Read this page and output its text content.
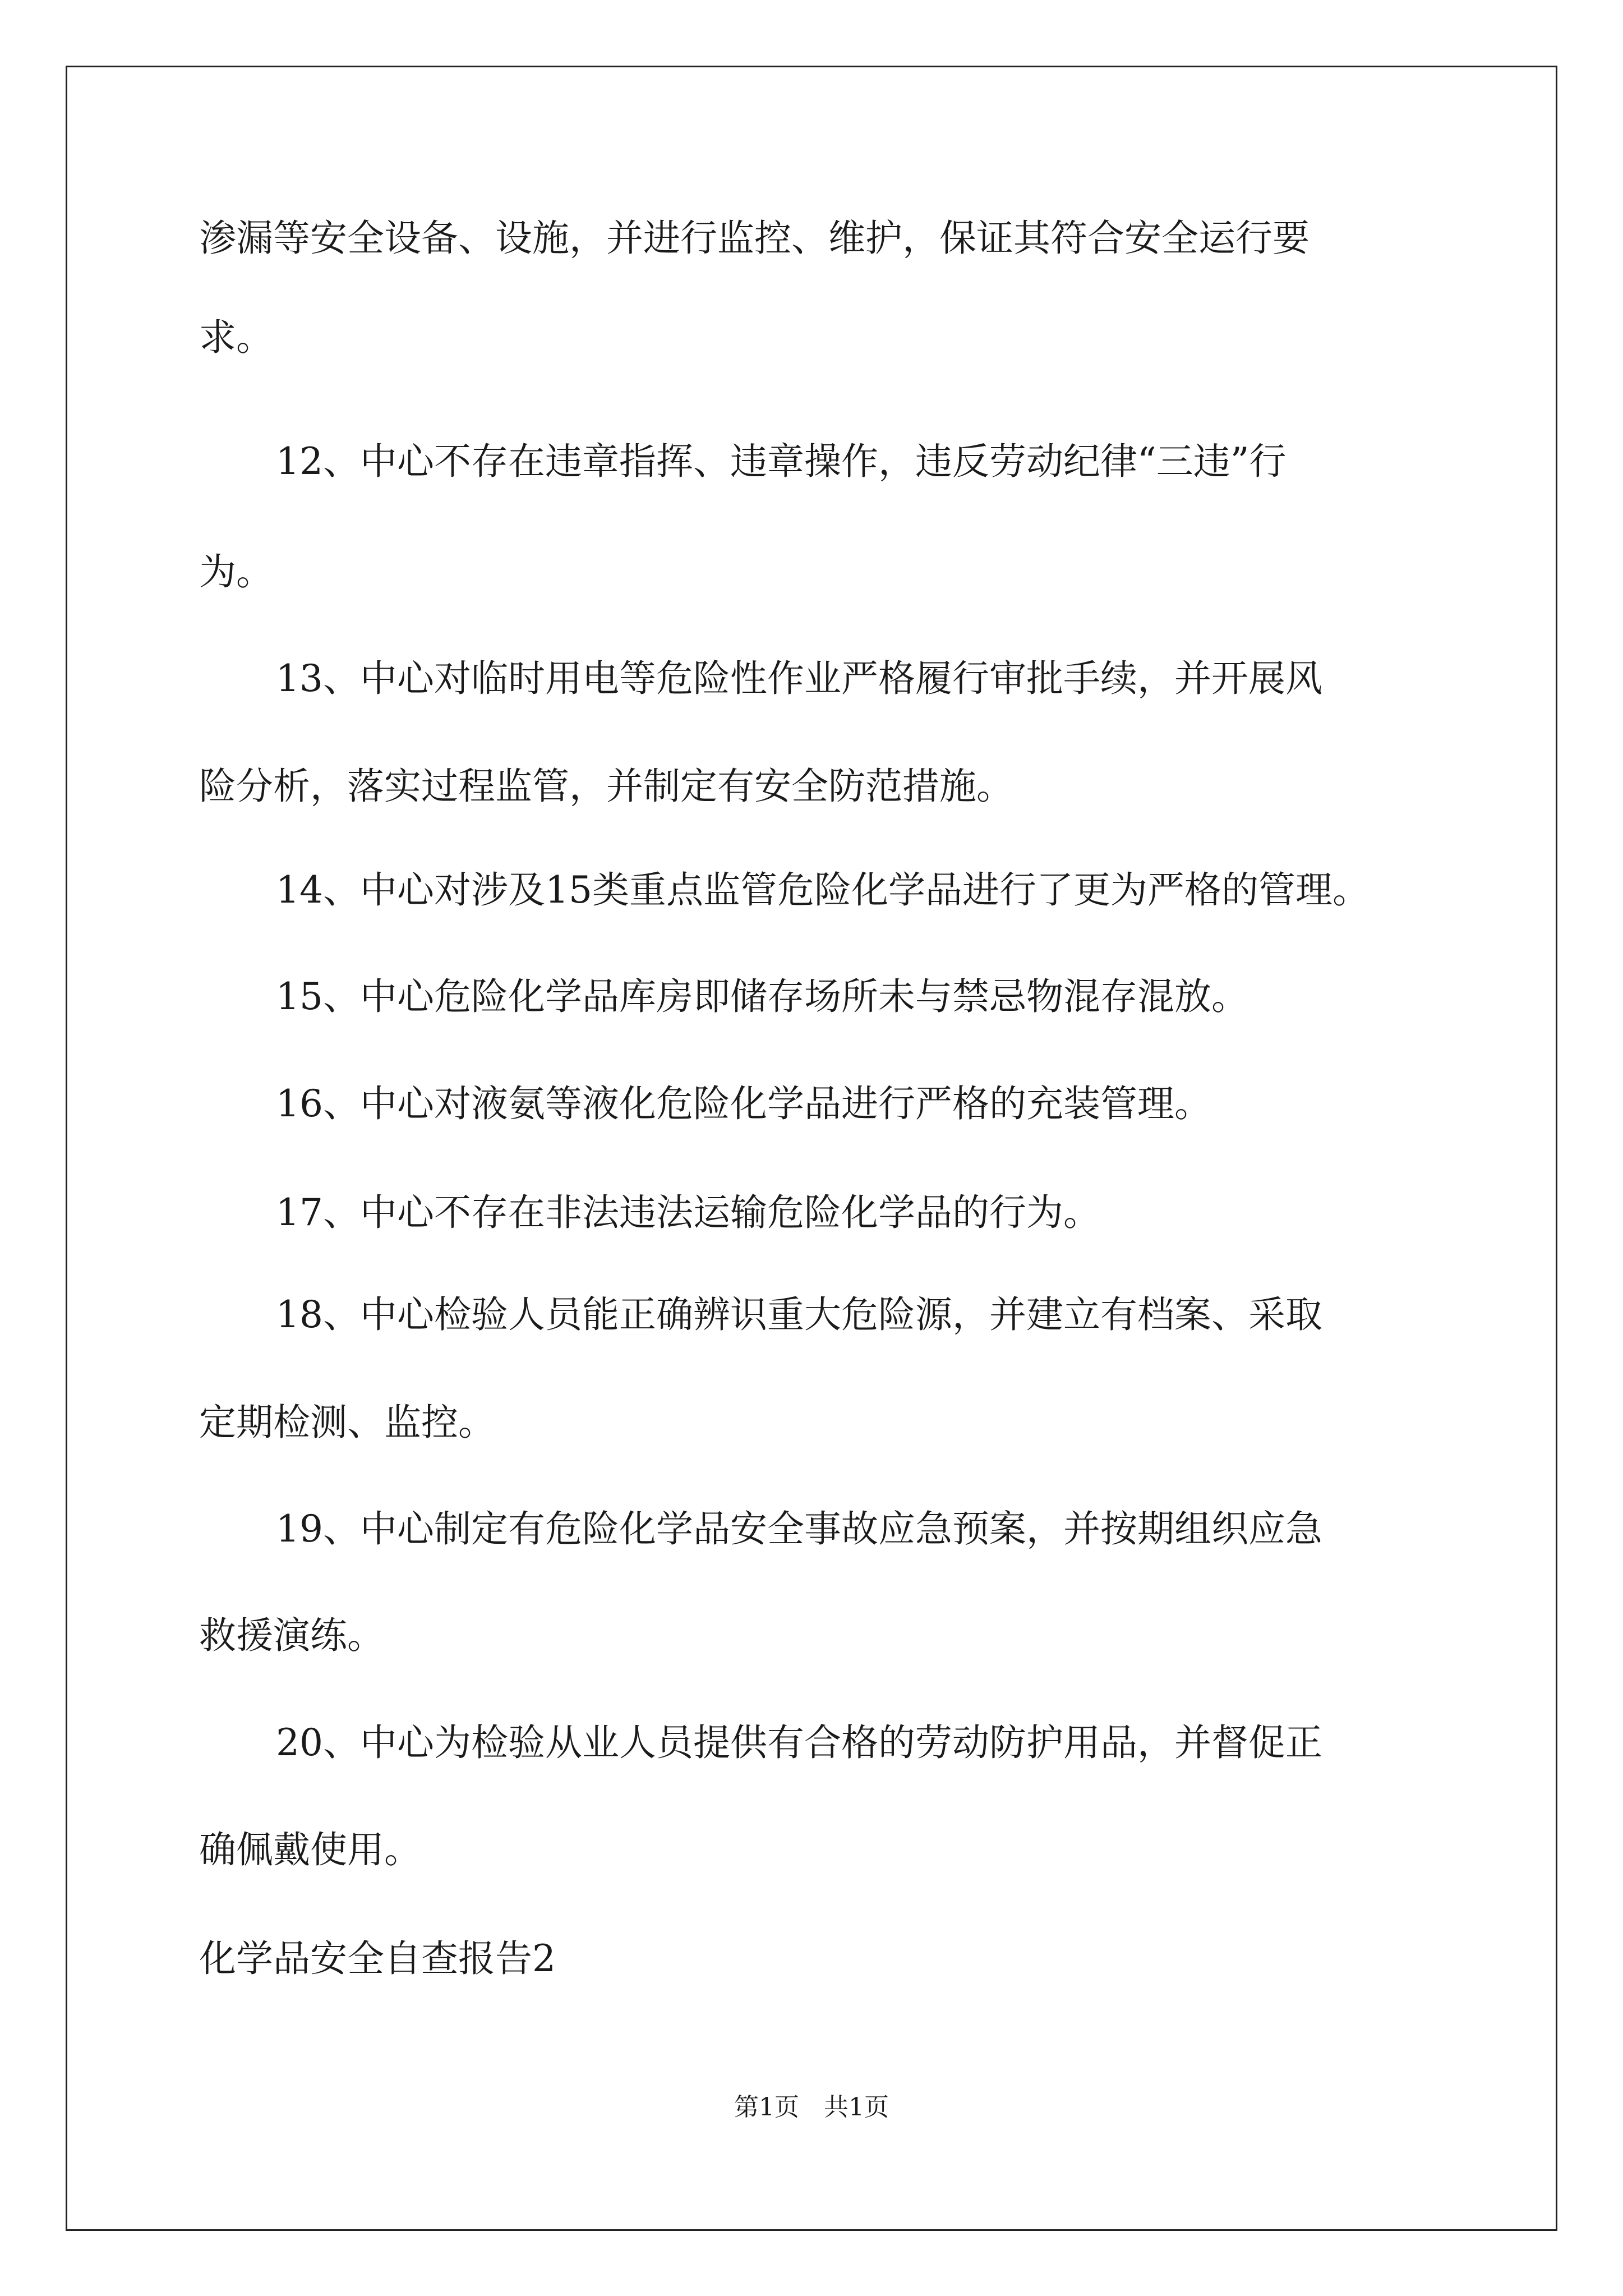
渗漏等安全设备、设施，并进行监控、维护，保证其符合安全运行要
求。
12、中心不存在违章指挥、违章操作，违反劳动纪律“三违”行
为。
13、中心对临时用电等危险性作业严格履行审批手续，并开展风
险分析，落实过程监管，并制定有安全防范措施。
14、中心对涉及15类重点监管危险化学品进行了更为严格的管理。
15、中心危险化学品库房即储存场所未与禁忌物混存混放。
16、中心对液氨等液化危险化学品进行严格的充装管理。
17、中心不存在非法违法运输危险化学品的行为。
18、中心检验人员能正确辨识重大危险源，并建立有档案、采取
定期检测、监控。
19、中心制定有危险化学品安全事故应急预案，并按期组织应急
救援演练。
20、中心为检验从业人员提供有合格的劳动防护用品，并督促正
确佩戴使用。
化学品安全自查报告2
第1页　共1页
